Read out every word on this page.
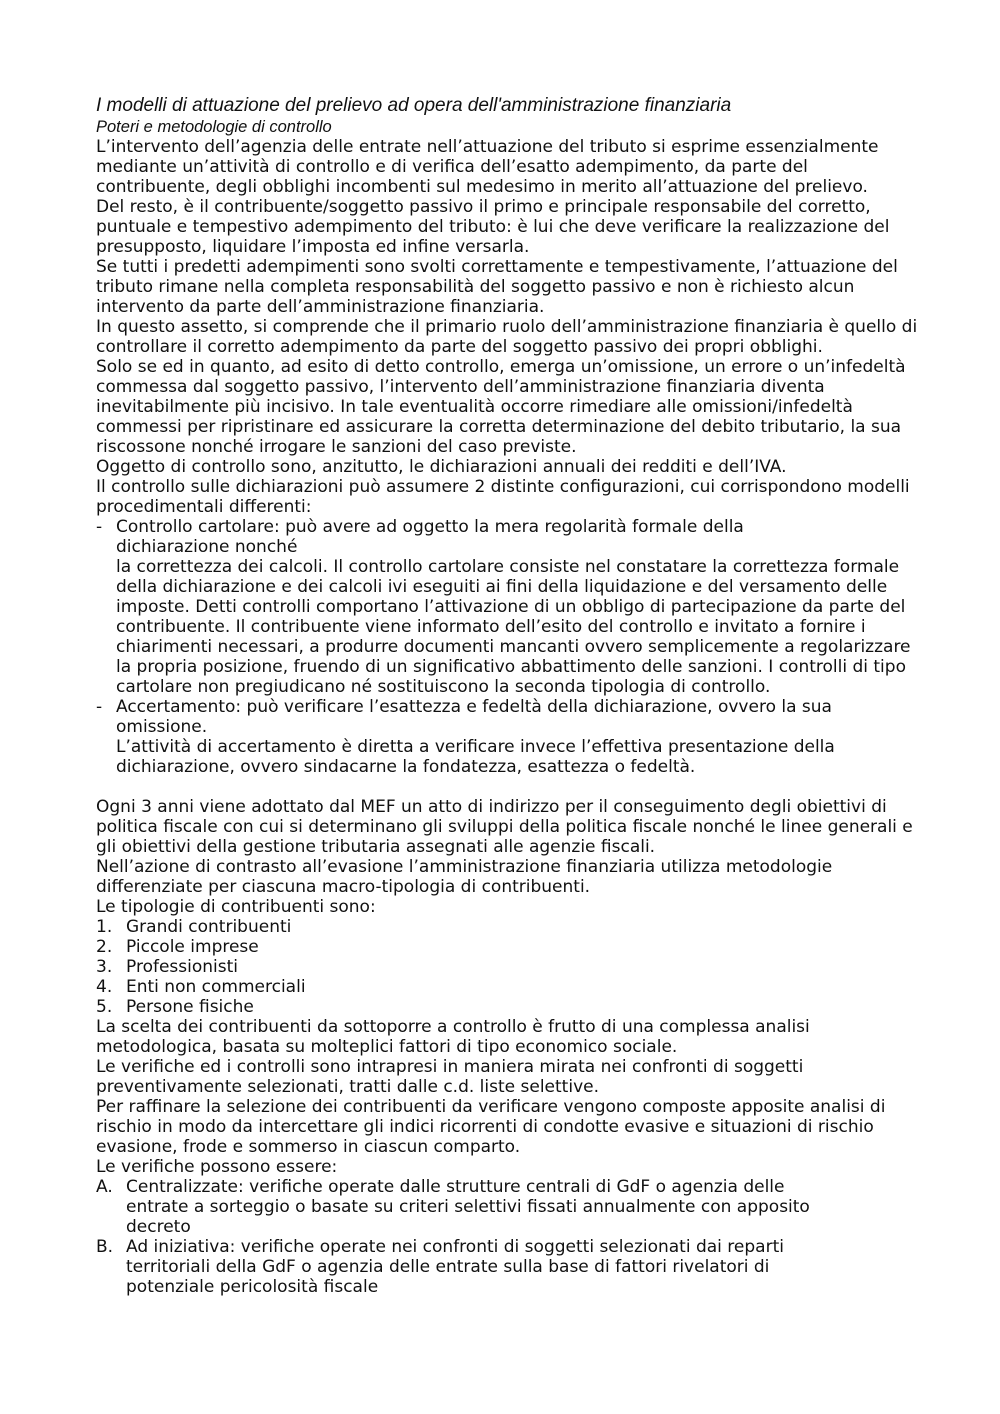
I modelli di attuazione del prelievo ad opera dell'amministrazione finanziaria

Poteri e metodologie di controllo

L’intervento dell’agenzia delle entrate nell’attuazione del tributo si esprime essenzialmente mediante un’attività di controllo e di verifica dell’esatto adempimento, da parte del contribuente, degli obblighi incombenti sul medesimo in merito all’attuazione del prelievo.

Del resto, è il contribuente/soggetto passivo il primo e principale responsabile del corretto, puntuale e tempestivo adempimento del tributo: è lui che deve verificare la realizzazione del presupposto, liquidare l’imposta ed infine versarla.

Se tutti i predetti adempimenti sono svolti correttamente e tempestivamente, l’attuazione del tributo rimane nella completa responsabilità del soggetto passivo e non è richiesto alcun intervento da parte dell’amministrazione finanziaria.

In questo assetto, si comprende che il primario ruolo dell’amministrazione finanziaria è quello di controllare il corretto adempimento da parte del soggetto passivo dei propri obblighi.

Solo se ed in quanto, ad esito di detto controllo, emerga un’omissione, un errore o un’infedeltà commessa dal soggetto passivo, l’intervento dell’amministrazione finanziaria diventa inevitabilmente più incisivo. In tale eventualità occorre rimediare alle omissioni/infedeltà commessi per ripristinare ed assicurare la corretta determinazione del debito tributario, la sua riscossone nonché irrogare le sanzioni del caso previste.

Oggetto di controllo sono, anzitutto, le dichiarazioni annuali dei redditi e dell’IVA.

Il controllo sulle dichiarazioni può assumere 2 distinte configurazioni, cui corrispondono modelli procedimentali differenti:

- Controllo cartolare: può avere ad oggetto la mera regolarità formale della dichiarazione nonché
la correttezza dei calcoli. Il controllo cartolare consiste nel constatare la correttezza formale della dichiarazione e dei calcoli ivi eseguiti ai fini della liquidazione e del versamento delle imposte. Detti controlli comportano l’attivazione di un obbligo di partecipazione da parte del contribuente. Il contribuente viene informato dell’esito del controllo e invitato a fornire i chiarimenti necessari, a produrre documenti mancanti ovvero semplicemente a regolarizzare la propria posizione, fruendo di un significativo abbattimento delle sanzioni. I controlli di tipo cartolare non pregiudicano né sostituiscono la seconda tipologia di controllo.
- Accertamento: può verificare l’esattezza e fedeltà della dichiarazione, ovvero la sua omissione.
L’attività di accertamento è diretta a verificare invece l’effettiva presentazione della dichiarazione, ovvero sindacarne la fondatezza, esattezza o fedeltà.

Ogni 3 anni viene adottato dal MEF un atto di indirizzo per il conseguimento degli obiettivi di politica fiscale con cui si determinano gli sviluppi della politica fiscale nonché le linee generali e gli obiettivi della gestione tributaria assegnati alle agenzie fiscali.

Nell’azione di contrasto all’evasione l’amministrazione finanziaria utilizza metodologie differenziate per ciascuna macro-tipologia di contribuenti.

Le tipologie di contribuenti sono:

1. Grandi contribuenti
2. Piccole imprese
3. Professionisti
4. Enti non commerciali
5. Persone fisiche

La scelta dei contribuenti da sottoporre a controllo è frutto di una complessa analisi metodologica, basata su molteplici fattori di tipo economico sociale.

Le verifiche ed i controlli sono intrapresi in maniera mirata nei confronti di soggetti preventivamente selezionati, tratti dalle c.d. liste selettive.

Per raffinare la selezione dei contribuenti da verificare vengono composte apposite analisi di rischio in modo da intercettare gli indici ricorrenti di condotte evasive e situazioni di rischio evasione, frode e sommerso in ciascun comparto.

Le verifiche possono essere:

A. Centralizzate: verifiche operate dalle strutture centrali di GdF o agenzia delle entrate a sorteggio o basate su criteri selettivi fissati annualmente con apposito decreto
B. Ad iniziativa: verifiche operate nei confronti di soggetti selezionati dai reparti territoriali della GdF o agenzia delle entrate sulla base di fattori rivelatori di potenziale pericolosità fiscale
